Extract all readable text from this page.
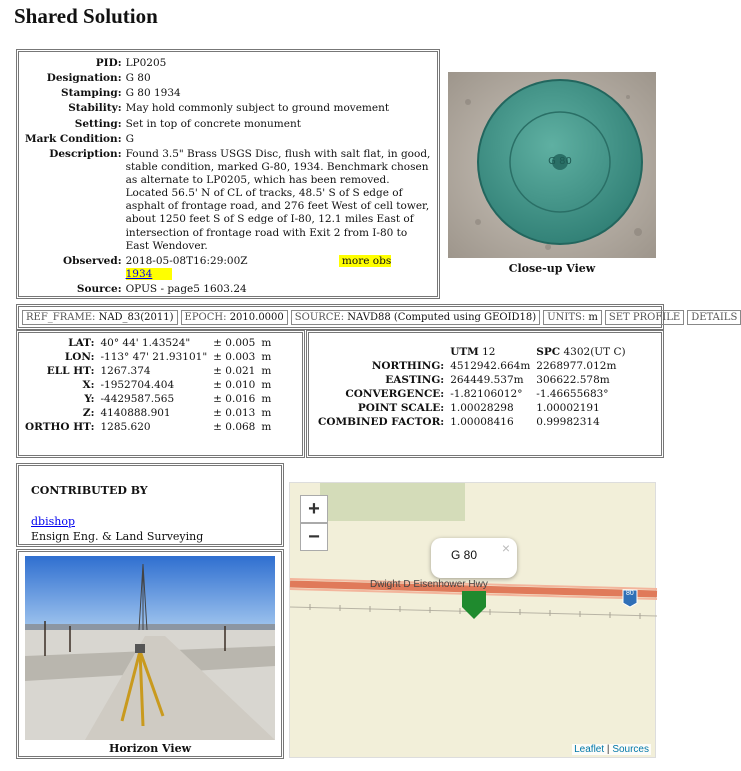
Shared Solution
PID:	LP0205
Designation:	G 80
Stamping:	G 80 1934
Stability:	May hold commonly subject to ground movement
Setting:	Set in top of concrete monument
Mark Condition:	G
Description:	Found 3.5" Brass USGS Disc, flush with salt flat, in good, stable condition, marked G-80, 1934. Benchmark chosen as alternate to LP0205, which has been removed. Located 56.5' N of CL of tracks, 48.5' S of S edge of asphalt of frontage road, and 276 feet West of cell tower, about 1250 feet S of S edge of I-80, 12.1 miles East of intersection of frontage road with Exit 2 from I-80 to East Wendover.
Observed:	2018-05-08T16:29:00Z more obs 1934
Source:	OPUS - page5 1603.24
G 80
Close-up View
REF_FRAME: NAD_83(2011)	EPOCH: 2010.0000	SOURCE: NAVD88 (Computed using GEOID18)	UNITS: m	SET PROFILE	DETAILS
LAT:	40° 44' 1.43524"	± 0.005	m
LON:	-113° 47' 21.93101"	± 0.003	m
ELL HT:	1267.374	± 0.021	m
X:	-1952704.404	± 0.010	m
Y:	-4429587.565	± 0.016	m
Z:	4140888.901	± 0.013	m
ORTHO HT:	1285.620	± 0.068	m
	UTM 12	SPC 4302(UT C)
NORTHING:	4512942.664m	2268977.012m
EASTING:	264449.537m	306622.578m
CONVERGENCE:	-1.82106012°	-1.46655683°
POINT SCALE:	1.00028298	1.00002191
COMBINED FACTOR:	1.00008416	0.99982314
CONTRIBUTED BY
dbishop
Ensign Eng. & Land Surveying
Horizon View
Dwight D Eisenhower Hwy
80
+
−
G 80 ×
Leaflet | Sources
